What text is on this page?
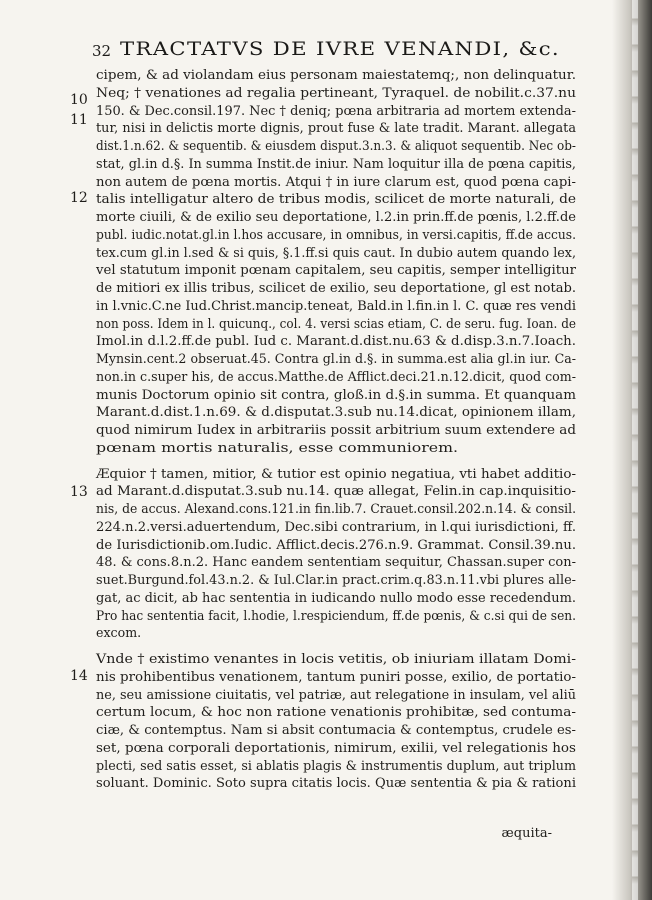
32 TRACTATVS DE IVRE VENANDI, &c.
10
11
12
13
14
cipem, & ad violandam eius personam maiestatemq;, non delinquatur.
Neq; † venationes ad regalia pertineant, Tyraquel. de nobilit.c.37.nu
150. & Dec.consil.197. Nec † deniq; pœna arbitraria ad mortem extenda-
tur, nisi in delictis morte dignis, prout fuse & late tradit. Marant. allegata
dist.1.n.62. & sequentib. & eiusdem disput.3.n.3. & aliquot sequentib. Nec ob-
stat, gl.in d.§. In summa Instit.de iniur. Nam loquitur illa de pœna capitis,
non autem de pœna mortis. Atqui † in iure clarum est, quod pœna capi-
talis intelligatur altero de tribus modis, scilicet de morte naturali, de
morte ciuili, & de exilio seu deportatione, l.2.in prin.ff.de pœnis, l.2.ff.de
publ. iudic.notat.gl.in l.hos accusare, in omnibus, in versi.capitis, ff.de accus.
tex.cum gl.in l.sed & si quis, §.1.ff.si quis caut. In dubio autem quando lex,
vel statutum imponit pœnam capitalem, seu capitis, semper intelligitur
de mitiori ex illis tribus, scilicet de exilio, seu deportatione, gl est notab.
in l.vnic.C.ne Iud.Christ.mancip.teneat, Bald.in l.fin.in l. C. quæ res vendi
non poss. Idem in l. quicunq., col. 4. versi scias etiam, C. de seru. fug. Ioan. de
Imol.in d.l.2.ff.de publ. Iud c. Marant.d.dist.nu.63 & d.disp.3.n.7.Ioach.
Mynsin.cent.2 obseruat.45. Contra gl.in d.§. in summa.est alia gl.in iur. Ca-
non.in c.super his, de accus.Matthe.de Afflict.deci.21.n.12.dicit, quod com-
munis Doctorum opinio sit contra, gloß.in d.§.in summa. Et quanquam
Marant.d.dist.1.n.69. & d.disputat.3.sub nu.14.dicat, opinionem illam,
quod nimirum Iudex in arbitrariis possit arbitrium suum extendere ad
pœnam mortis naturalis, esse communiorem.
Æquior † tamen, mitior, & tutior est opinio negatiua, vti habet additio-
ad Marant.d.disputat.3.sub nu.14. quæ allegat, Felin.in cap.inquisitio-
nis, de accus. Alexand.cons.121.in fin.lib.7. Crauet.consil.202.n.14. & consil.
224.n.2.versi.aduertendum, Dec.sibi contrarium, in l.qui iurisdictioni, ff.
de Iurisdictionib.om.Iudic. Afflict.decis.276.n.9. Grammat. Consil.39.nu.
48. & cons.8.n.2. Hanc eandem sententiam sequitur, Chassan.super con-
suet.Burgund.fol.43.n.2. & Iul.Clar.in pract.crim.q.83.n.11.vbi plures alle-
gat, ac dicit, ab hac sententia in iudicando nullo modo esse recedendum.
Pro hac sententia facit, l.hodie, l.respiciendum, ff.de pœnis, & c.si qui de sen.
excom.
Vnde † existimo venantes in locis vetitis, ob iniuriam illatam Domi-
nis prohibentibus venationem, tantum puniri posse, exilio, de portatio-
ne, seu amissione ciuitatis, vel patriæ, aut relegatione in insulam, vel aliū
certum locum, & hoc non ratione venationis prohibitæ, sed contuma-
ciæ, & contemptus. Nam si absit contumacia & contemptus, crudele es-
set, pœna corporali deportationis, nimirum, exilii, vel relegationis hos
plecti, sed satis esset, si ablatis plagis & instrumentis duplum, aut triplum
soluant. Dominic. Soto supra citatis locis. Quæ sententia & pia & rationi
æquita-
